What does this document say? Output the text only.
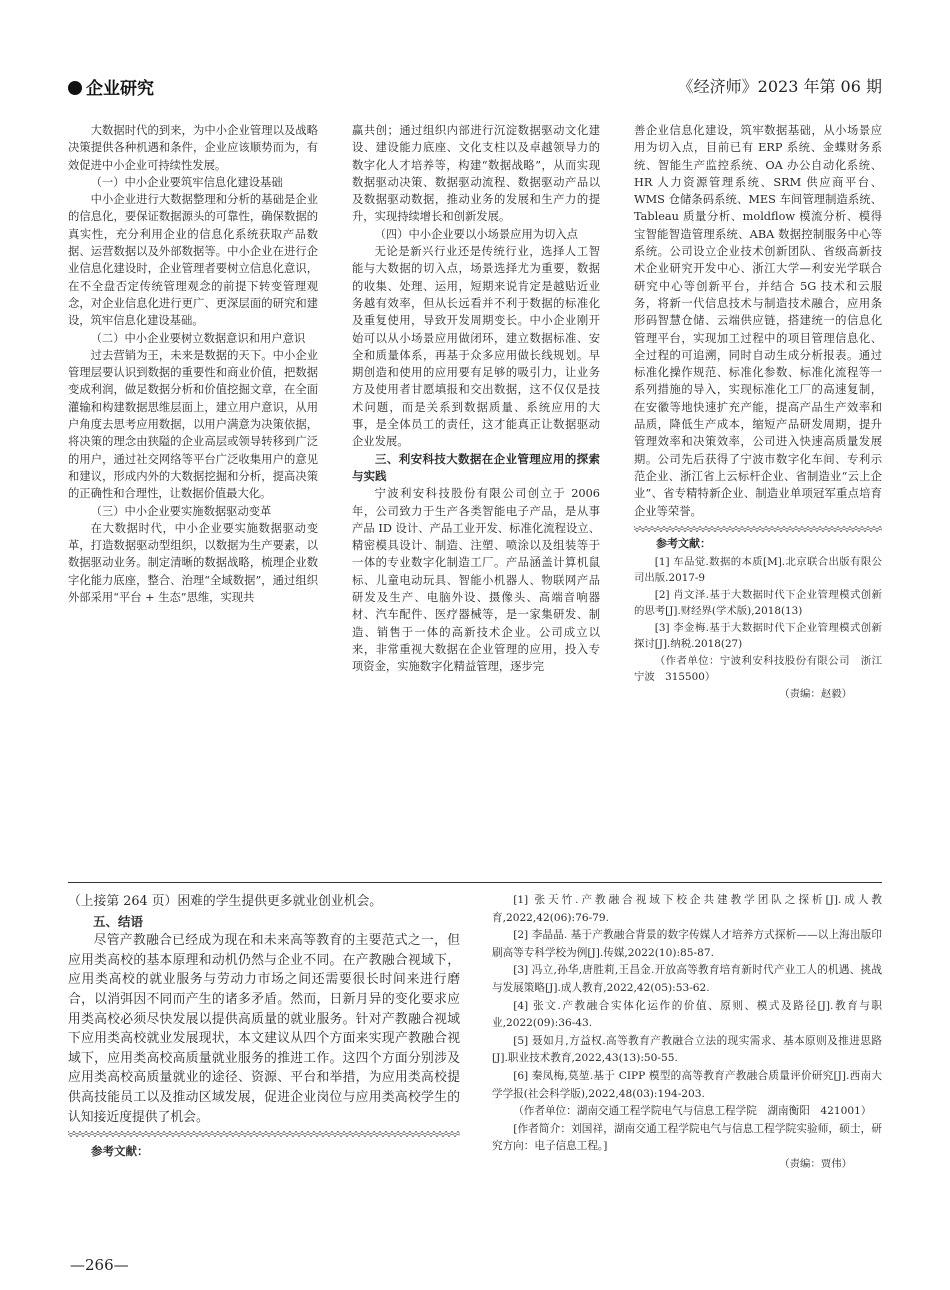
企业研究	《经济师》2023 年第 06 期

大数据时代的到来，为中小企业管理以及战略决策提供各种机遇和条件，企业应该顺势而为，有效促进中小企业可持续性发展。

（一）中小企业要筑牢信息化建设基础

中小企业进行大数据整理和分析的基础是企业的信息化，要保证数据源头的可靠性，确保数据的真实性，充分利用企业的信息化系统获取产品数据、运营数据以及外部数据等。中小企业在进行企业信息化建设时，企业管理者要树立信息化意识，在不全盘否定传统管理观念的前提下转变管理观念，对企业信息化进行更广、更深层面的研究和建设，筑牢信息化建设基础。

（二）中小企业要树立数据意识和用户意识

过去营销为王，未来是数据的天下。中小企业管理层要认识到数据的重要性和商业价值，把数据变成利润，做足数据分析和价值挖掘文章，在全面灌输和构建数据思维层面上，建立用户意识，从用户角度去思考应用数据，以用户满意为决策依据，将决策的理念由狭隘的企业高层或领导转移到广泛的用户，通过社交网络等平台广泛收集用户的意见和建议，形成内外的大数据挖掘和分析，提高决策的正确性和合理性，让数据价值最大化。

（三）中小企业要实施数据驱动变革

在大数据时代，中小企业要实施数据驱动变革，打造数据驱动型组织，以数据为生产要素，以数据驱动业务。制定清晰的数据战略，梳理企业数字化能力底座，整合、治理“全域数据”，通过组织外部采用“平台 + 生态”思维，实现共

赢共创；通过组织内部进行沉淀数据驱动文化建设、建设能力底座、文化支柱以及卓越领导力的数字化人才培养等，构建“数据战略”，从而实现数据驱动决策、数据驱动流程、数据驱动产品以及数据驱动数据，推动业务的发展和生产力的提升，实现持续增长和创新发展。

（四）中小企业要以小场景应用为切入点

无论是新兴行业还是传统行业，选择人工智能与大数据的切入点，场景选择尤为重要，数据的收集、处理、运用，短期来说肯定是越贴近业务越有效率，但从长远看并不利于数据的标准化及重复使用，导致开发周期变长。中小企业刚开始可以从小场景应用做闭环，建立数据标准、安全和质量体系，再基于众多应用做长线规划。早期创造和使用的应用要有足够的吸引力，让业务方及使用者甘愿填报和交出数据，这不仅仅是技术问题，而是关系到数据质量、系统应用的大事，是全体员工的责任，这才能真正让数据驱动企业发展。

三、利安科技大数据在企业管理应用的探索与实践

宁波利安科技股份有限公司创立于 2006 年，公司致力于生产各类智能电子产品，是从事产品 ID 设计、产品工业开发、标准化流程设立、精密模具设计、制造、注塑、喷涂以及组装等于一体的专业数字化制造工厂。产品涵盖计算机鼠标、儿童电动玩具、智能小机器人、物联网产品研发及生产、电脑外设、摄像头、高端音响器材、汽车配件、医疗器械等，是一家集研发、制造、销售于一体的高新技术企业。公司成立以来，非常重视大数据在企业管理的应用，投入专项资金，实施数字化精益管理，逐步完

善企业信息化建设，筑牢数据基础，从小场景应用为切入点，目前已有 ERP 系统、金蝶财务系统、智能生产监控系统、OA 办公自动化系统、HR 人力资源管理系统、SRM 供应商平台、WMS 仓储条码系统、MES 车间管理制造系统、Tableau 质量分析、moldflow 模流分析、模得宝智能智造管理系统、ABA 数据控制服务中心等系统。公司设立企业技术创新团队、省级高新技术企业研究开发中心、浙江大学—利安光学联合研究中心等创新平台，并结合 5G 技术和云服务，将新一代信息技术与制造技术融合，应用条形码智慧仓储、云端供应链，搭建统一的信息化管理平台，实现加工过程中的项目管理信息化、全过程的可追溯，同时自动生成分析报表。通过标准化操作规范、标准化参数、标准化流程等一系列措施的导入，实现标准化工厂的高速复制，在安徽等地快速扩充产能，提高产品生产效率和品质，降低生产成本，缩短产品研发周期，提升管理效率和决策效率，公司进入快速高质量发展期。公司先后获得了宁波市数字化车间、专利示范企业、浙江省上云标杆企业、省制造业“云上企业”、省专精特新企业、制造业单项冠军重点培育企业等荣誉。

参考文献：

[1] 车品觉.数据的本质[M].北京联合出版有限公司出版.2017-9

[2] 肖文泽.基于大数据时代下企业管理模式创新的思考[J].财经界(学术版),2018(13)

[3] 李金梅.基于大数据时代下企业管理模式创新探讨[J].纳税.2018(27)

（作者单位：宁波利安科技股份有限公司　浙江宁波　315500）

（责编：赵毅）

（上接第 264 页）困难的学生提供更多就业创业机会。

五、结语

尽管产教融合已经成为现在和未来高等教育的主要范式之一，但应用类高校的基本原理和动机仍然与企业不同。在产教融合视域下，应用类高校的就业服务与劳动力市场之间还需要很长时间来进行磨合，以消弭因不同而产生的诸多矛盾。然而，日新月异的变化要求应用类高校必须尽快发展以提供高质量的就业服务。针对产教融合视域下应用类高校就业发展现状，本文建议从四个方面来实现产教融合视域下，应用类高校高质量就业服务的推进工作。这四个方面分别涉及应用类高校高质量就业的途径、资源、平台和举措，为应用类高校提供高技能员工以及推动区域发展，促进企业岗位与应用类高校学生的认知接近度提供了机会。

参考文献：

[1] 张天竹.产教融合视域下校企共建教学团队之探析[J].成人教育,2022,42(06):76-79.

[2] 李晶晶. 基于产教融合背景的数字传媒人才培养方式探析——以上海出版印刷高等专科学校为例[J].传媒,2022(10):85-87.

[3] 冯立,孙华,唐胜莉,王昌金.开放高等教育培育新时代产业工人的机遇、挑战与发展策略[J].成人教育,2022,42(05):53-62.

[4] 张文.产教融合实体化运作的价值、原则、模式及路径[J].教育与职业,2022(09):36-43.

[5] 聂如月,方益权.高等教育产教融合立法的现实需求、基本原则及推进思路[J].职业技术教育,2022,43(13):50-55.

[6] 秦凤梅,莫堃.基于 CIPP 模型的高等教育产教融合质量评价研究[J].西南大学学报(社会科学版),2022,48(03):194-203.

（作者单位：湖南交通工程学院电气与信息工程学院　湖南衡阳　421001）

[作者简介：刘国祥，湖南交通工程学院电气与信息工程学院实验师，硕士，研究方向：电子信息工程。]

（责编：贾伟）
—266—
